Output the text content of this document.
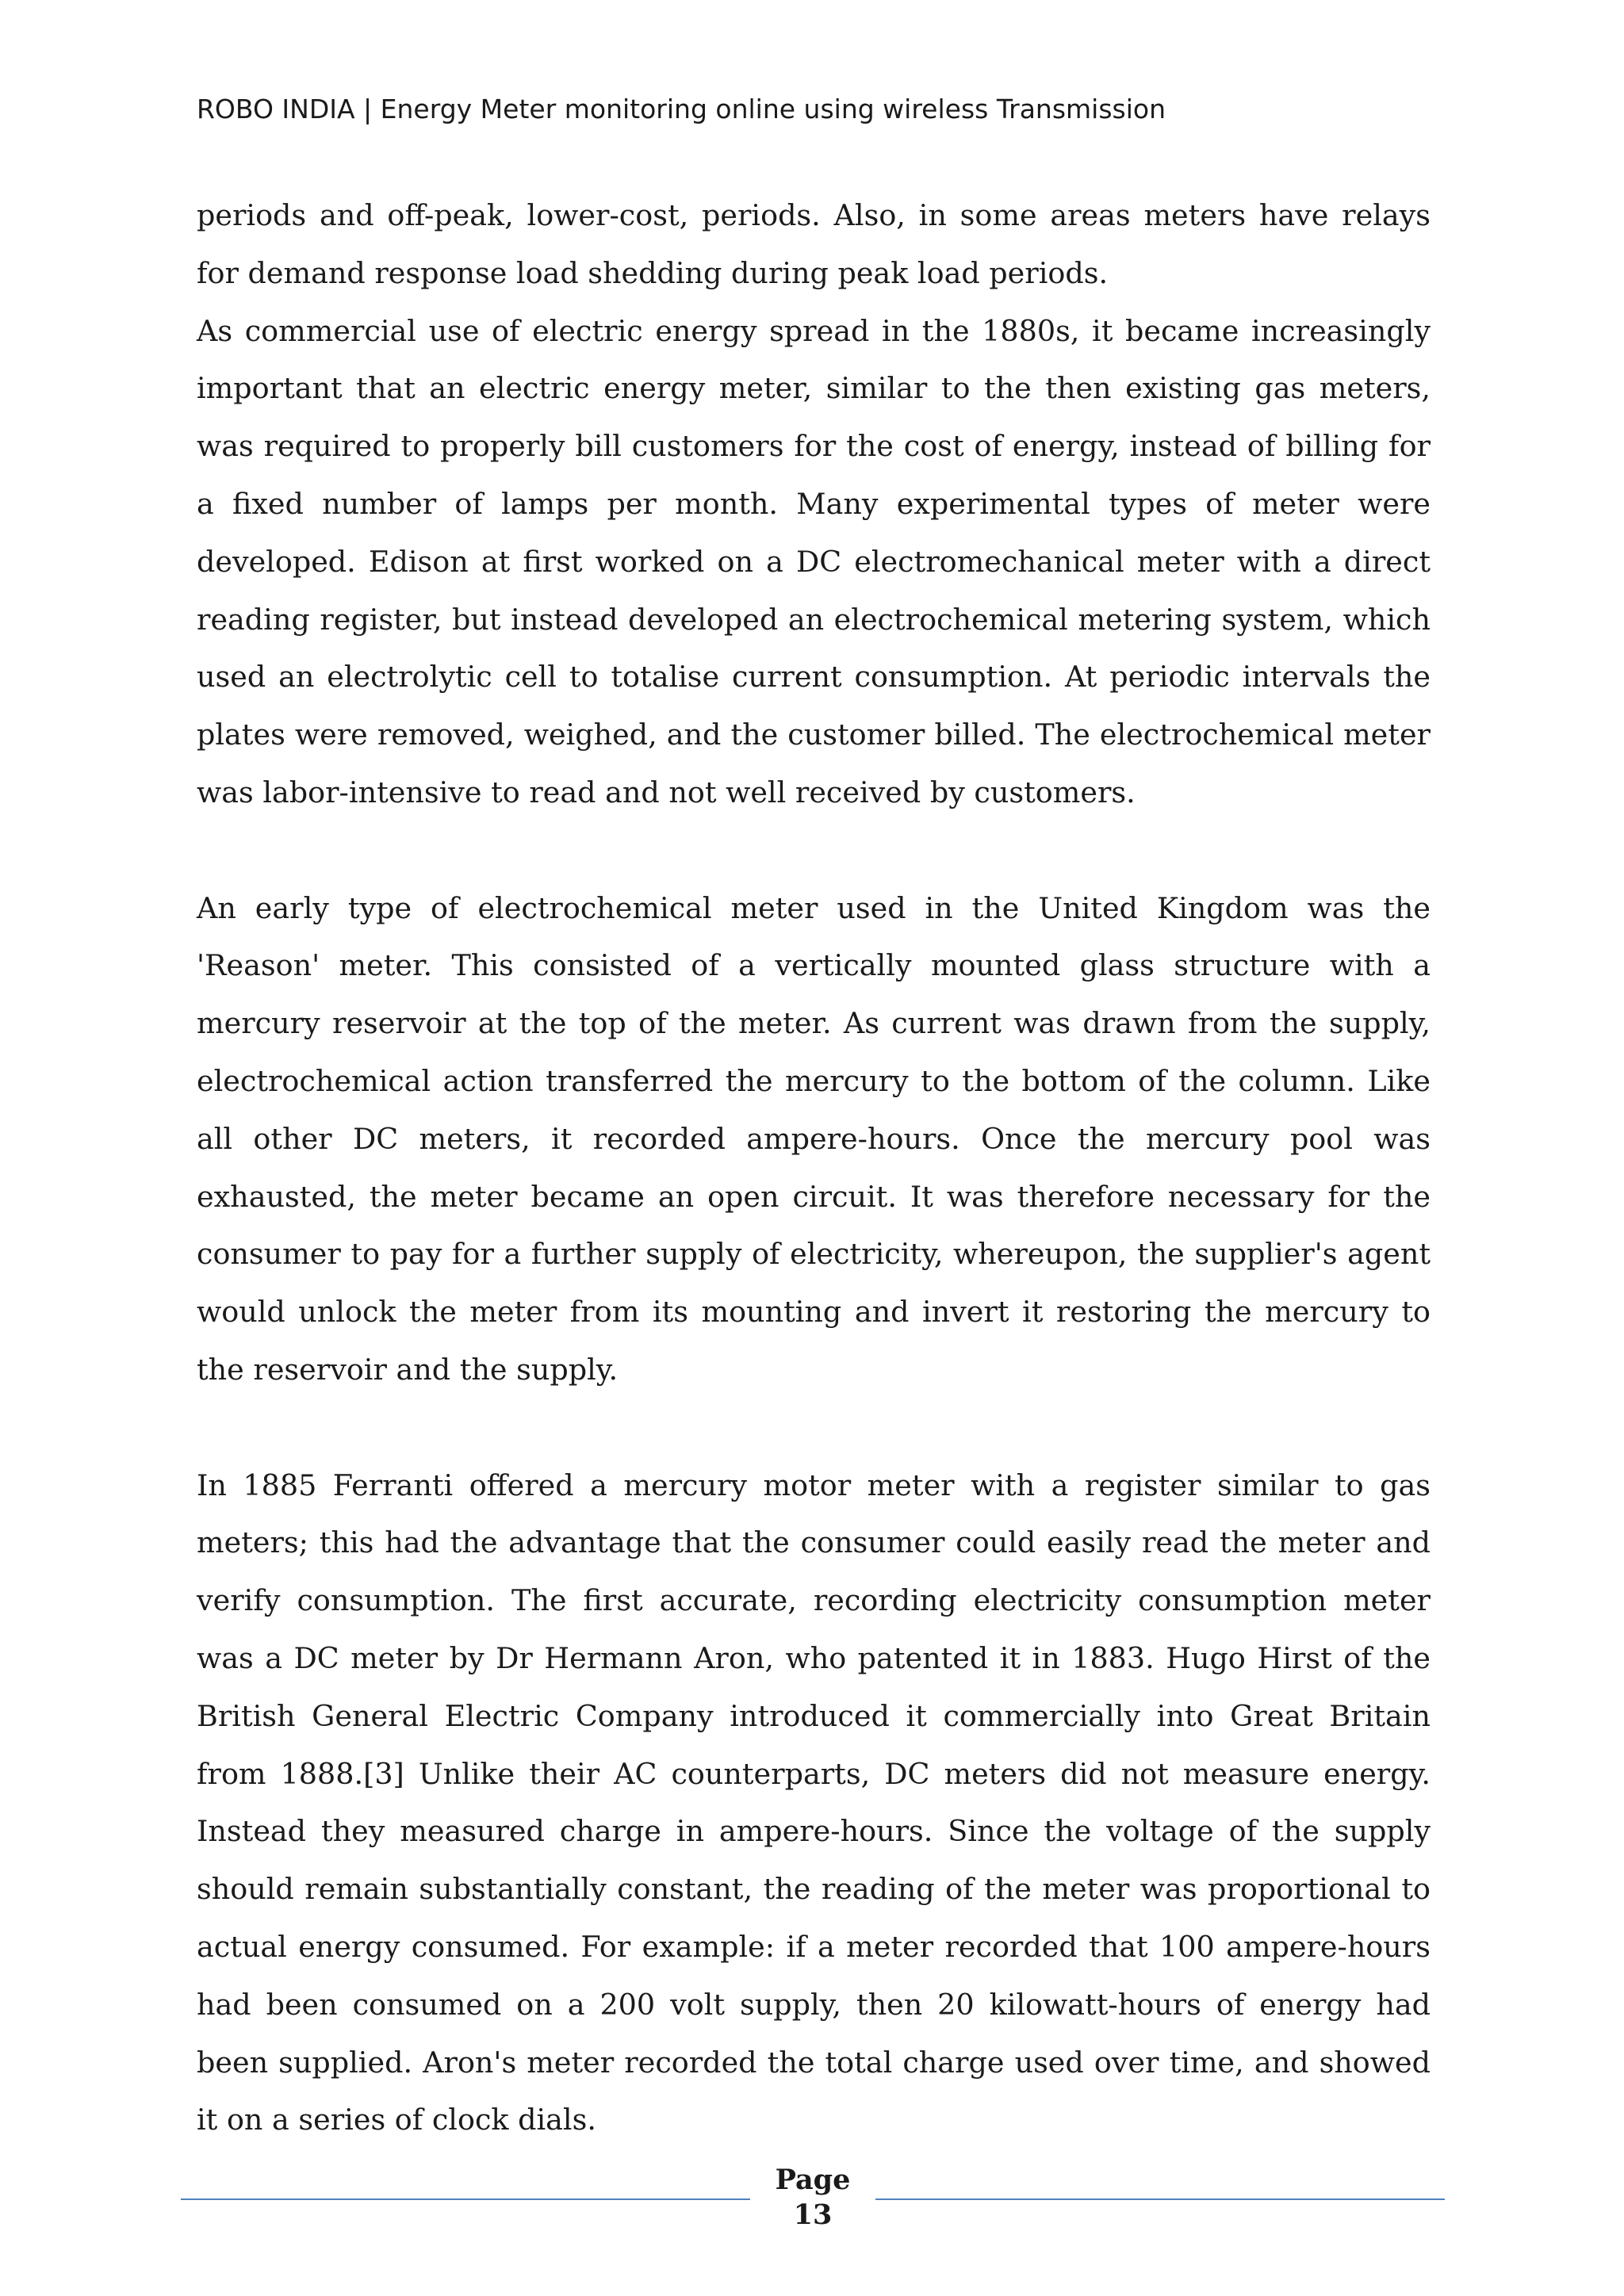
ROBO INDIA | Energy Meter monitoring online using wireless Transmission

periods and off-peak, lower-cost, periods. Also, in some areas meters have relays for demand response load shedding during peak load periods.

As commercial use of electric energy spread in the 1880s, it became increasingly important that an electric energy meter, similar to the then existing gas meters, was required to properly bill customers for the cost of energy, instead of billing for a fixed number of lamps per month. Many experimental types of meter were developed. Edison at first worked on a DC electromechanical meter with a direct reading register, but instead developed an electrochemical metering system, which used an electrolytic cell to totalise current consumption. At periodic intervals the plates were removed, weighed, and the customer billed. The electrochemical meter was labor-intensive to read and not well received by customers.

An early type of electrochemical meter used in the United Kingdom was the 'Reason' meter. This consisted of a vertically mounted glass structure with a mercury reservoir at the top of the meter. As current was drawn from the supply, electrochemical action transferred the mercury to the bottom of the column. Like all other DC meters, it recorded ampere-hours. Once the mercury pool was exhausted, the meter became an open circuit. It was therefore necessary for the consumer to pay for a further supply of electricity, whereupon, the supplier's agent would unlock the meter from its mounting and invert it restoring the mercury to the reservoir and the supply.

In 1885 Ferranti offered a mercury motor meter with a register similar to gas meters; this had the advantage that the consumer could easily read the meter and verify consumption. The first accurate, recording electricity consumption meter was a DC meter by Dr Hermann Aron, who patented it in 1883. Hugo Hirst of the British General Electric Company introduced it commercially into Great Britain from 1888.[3] Unlike their AC counterparts, DC meters did not measure energy. Instead they measured charge in ampere-hours. Since the voltage of the supply should remain substantially constant, the reading of the meter was proportional to actual energy consumed. For example: if a meter recorded that 100 ampere-hours had been consumed on a 200 volt supply, then 20 kilowatt-hours of energy had been supplied. Aron's meter recorded the total charge used over time, and showed it on a series of clock dials.

Page
13
